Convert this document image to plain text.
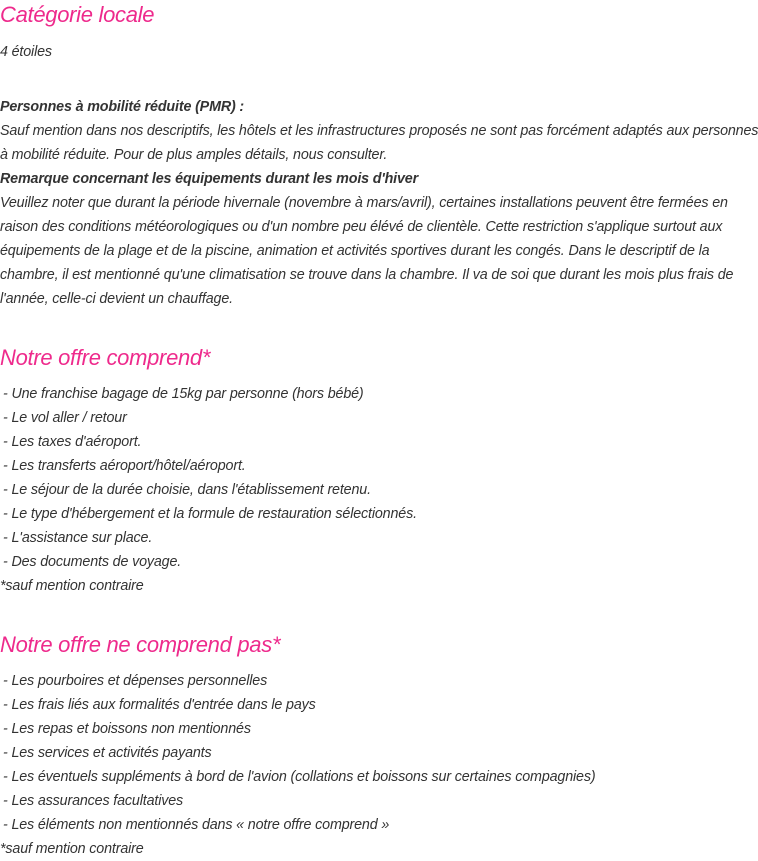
Catégorie locale

4 étoiles

Personnes à mobilité réduite (PMR) :

Sauf mention dans nos descriptifs, les hôtels et les infrastructures proposés ne sont pas forcément adaptés aux personnes

à mobilité réduite. Pour de plus amples détails, nous consulter.

Remarque concernant les équipements durant les mois d'hiver

Veuillez noter que durant la période hivernale (novembre à mars/avril), certaines installations peuvent être fermées en

raison des conditions météorologiques ou d'un nombre peu élévé de clientèle. Cette restriction s'applique surtout aux

équipements de la plage et de la piscine, animation et activités sportives durant les congés. Dans le descriptif de la

chambre, il est mentionné qu'une climatisation se trouve dans la chambre. Il va de soi que durant les mois plus frais de

l'année, celle-ci devient un chauffage.

Notre offre comprend*
- Une franchise bagage de 15kg par personne (hors bébé)
- Le vol aller / retour
- Les taxes d'aéroport.
- Les transferts aéroport/hôtel/aéroport.
- Le séjour de la durée choisie, dans l'établissement retenu.
- Le type d'hébergement et la formule de restauration sélectionnés.
- L'assistance sur place.
- Des documents de voyage.

*sauf mention contraire

Notre offre ne comprend pas*
- Les pourboires et dépenses personnelles
- Les frais liés aux formalités d'entrée dans le pays
- Les repas et boissons non mentionnés
- Les services et activités payants
- Les éventuels suppléments à bord de l'avion (collations et boissons sur certaines compagnies)
- Les assurances facultatives
- Les éléments non mentionnés dans « notre offre comprend »

*sauf mention contraire
